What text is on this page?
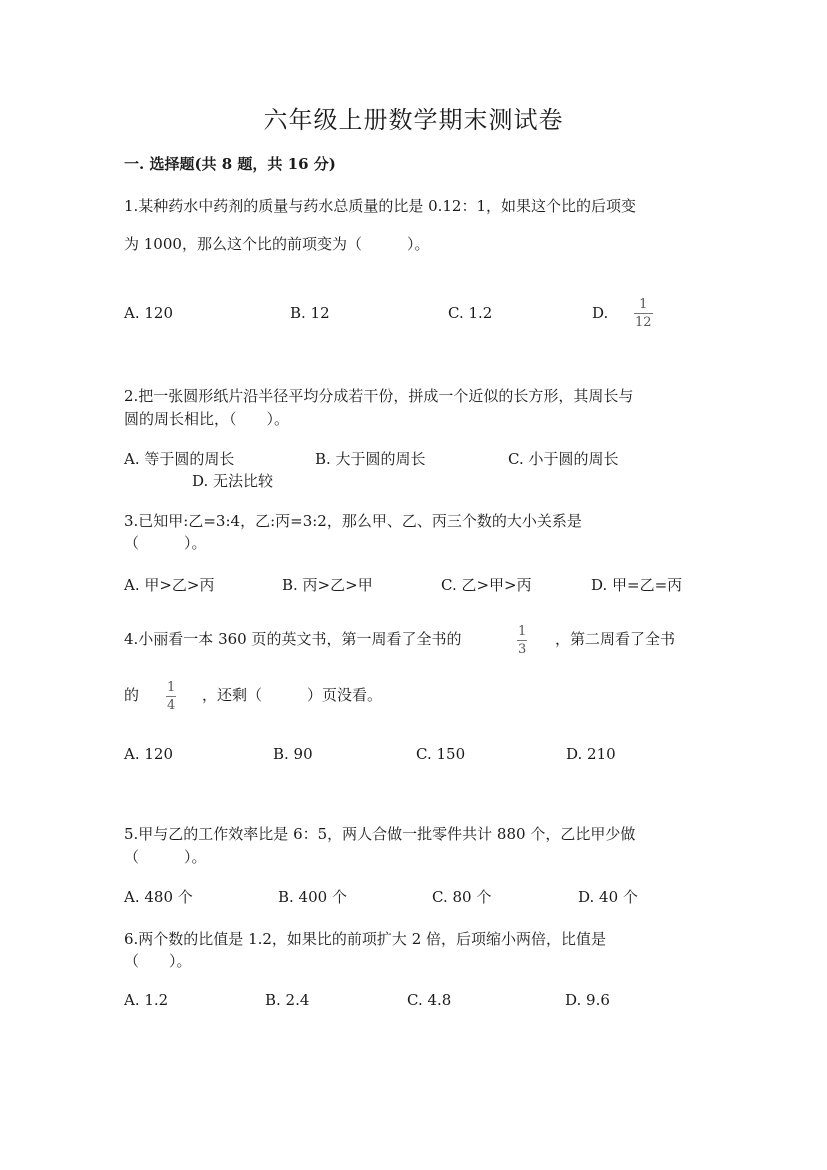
六年级上册数学期末测试卷
一. 选择题(共 8 题，共 16 分)
1.某种药水中药剂的质量与药水总质量的比是 0.12：1，如果这个比的后项变
为 1000，那么这个比的前项变为（　　　）。
A. 120	B. 12	C. 1.2	D. 1
12
2.把一张圆形纸片沿半径平均分成若干份，拼成一个近似的长方形，其周长与
圆的周长相比，（　　）。
A. 等于圆的周长	B. 大于圆的周长	C. 小于圆的周长
D. 无法比较
3.已知甲:乙=3:4，乙:丙=3:2，那么甲、乙、丙三个数的大小关系是
（　　　）。
A. 甲>乙>丙	B. 丙>乙>甲	C. 乙>甲>丙	D. 甲=乙=丙
4.小丽看一本 360 页的英文书，第一周看了全书的	1
3
，第二周看了全书
的 1
4
，还剩（　　　）页没看。
A. 120	B. 90	C. 150	D. 210
5.甲与乙的工作效率比是 6：5，两人合做一批零件共计 880 个，乙比甲少做
（　　　）。
A. 480 个	B. 400 个	C. 80 个	D. 40 个
6.两个数的比值是 1.2，如果比的前项扩大 2 倍，后项缩小两倍，比值是
（　　）。
A. 1.2	B. 2.4	C. 4.8	D. 9.6
